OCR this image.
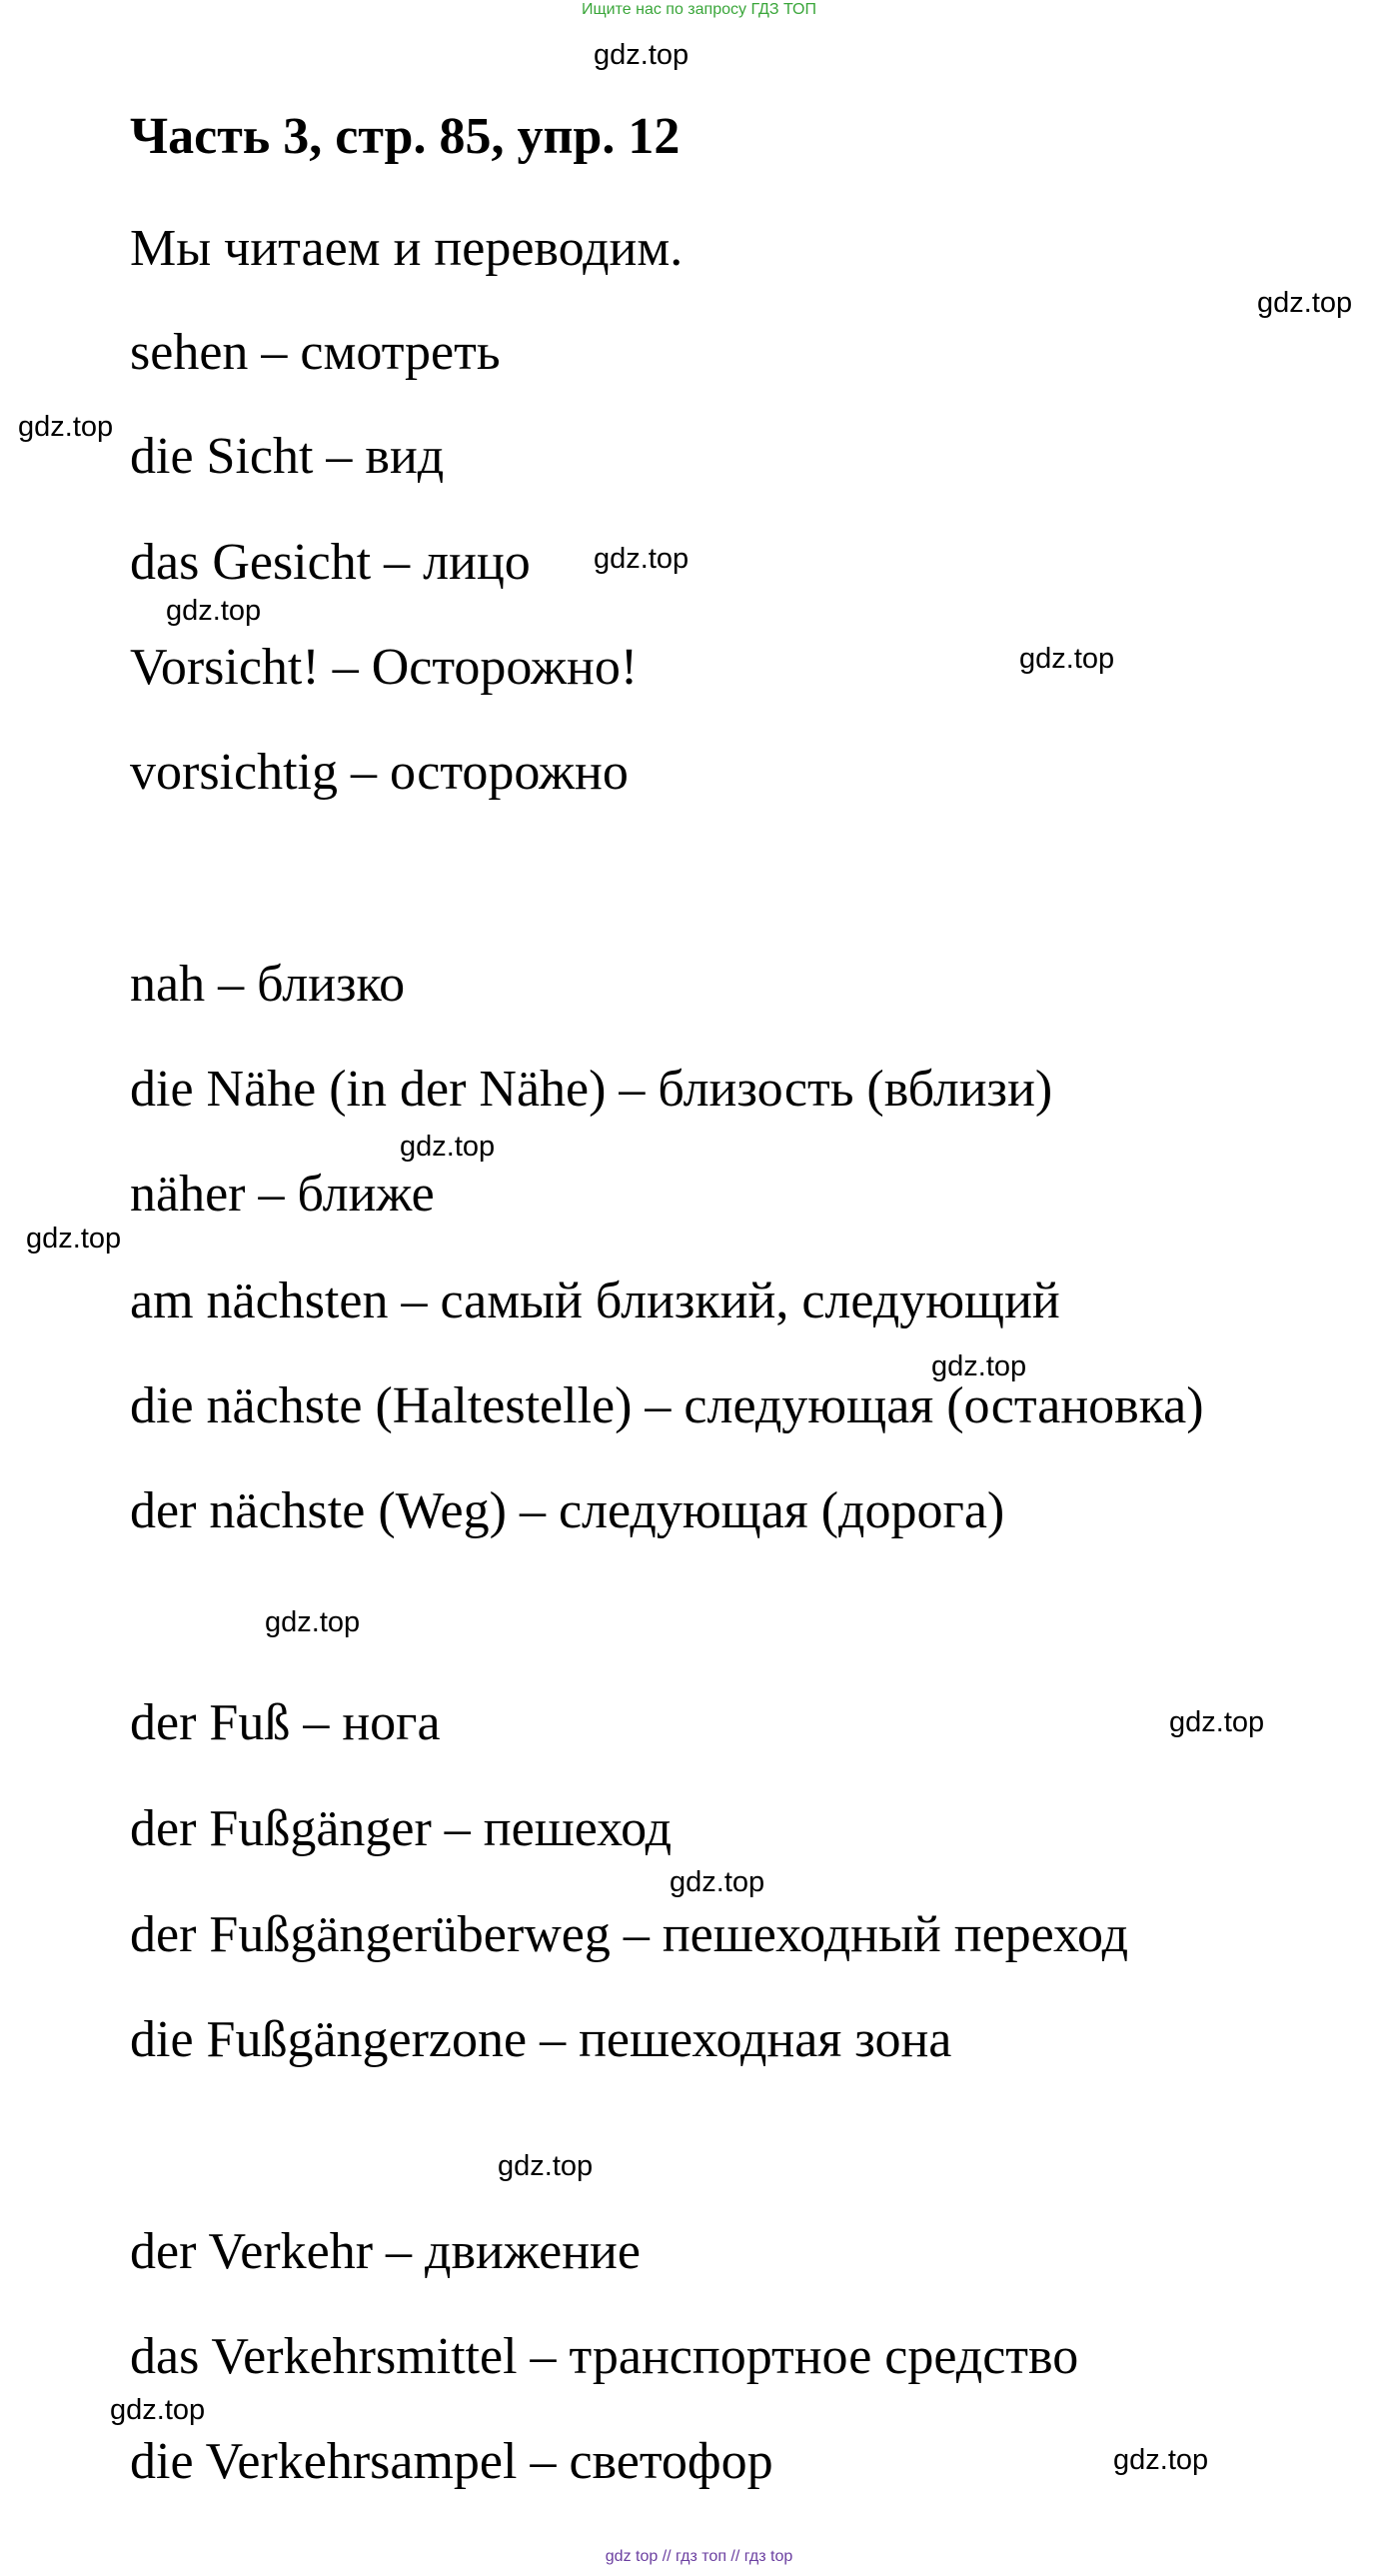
Ищите нас по запросу ГДЗ ТОП
Часть 3, стр. 85, упр. 12
Мы читаем и переводим.
sehen – смотреть
die Sicht – вид
das Gesicht – лицо
Vorsicht! – Осторожно!
vorsichtig – осторожно
nah – близко
die Nähe (in der Nähe) – близость (вблизи)
näher – ближе
am nächsten – самый близкий, следующий
die nächste (Haltestelle) – следующая (остановка)
der nächste (Weg) – следующая (дорога)
der Fuß – нога
der Fußgänger – пешеход
der Fußgängerüberweg – пешеходный переход
die Fußgängerzone – пешеходная зона
der Verkehr – движение
das Verkehrsmittel – транспортное средство
die Verkehrsampel – светофор
gdz.top
gdz.top
gdz.top
gdz.top
gdz.top
gdz.top
gdz.top
gdz.top
gdz.top
gdz.top
gdz.top
gdz.top
gdz.top
gdz.top
gdz.top
gdz top // гдз топ // гдз top
